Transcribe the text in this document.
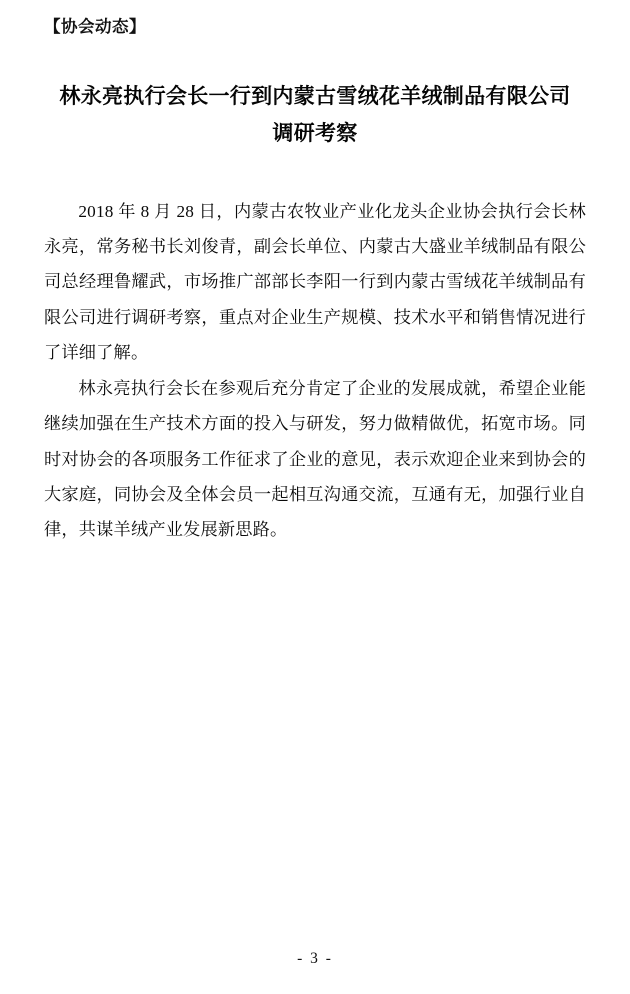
【协会动态】
林永亮执行会长一行到内蒙古雪绒花羊绒制品有限公司调研考察

2018 年 8 月 28 日，内蒙古农牧业产业化龙头企业协会执行会长林永亮，常务秘书长刘俊青，副会长单位、内蒙古大盛业羊绒制品有限公司总经理鲁耀武，市场推广部部长李阳一行到内蒙古雪绒花羊绒制品有限公司进行调研考察，重点对企业生产规模、技术水平和销售情况进行了详细了解。

林永亮执行会长在参观后充分肯定了企业的发展成就，希望企业能继续加强在生产技术方面的投入与研发，努力做精做优，拓宽市场。同时对协会的各项服务工作征求了企业的意见，表示欢迎企业来到协会的大家庭，同协会及全体会员一起相互沟通交流，互通有无，加强行业自律，共谋羊绒产业发展新思路。

- 3 -
